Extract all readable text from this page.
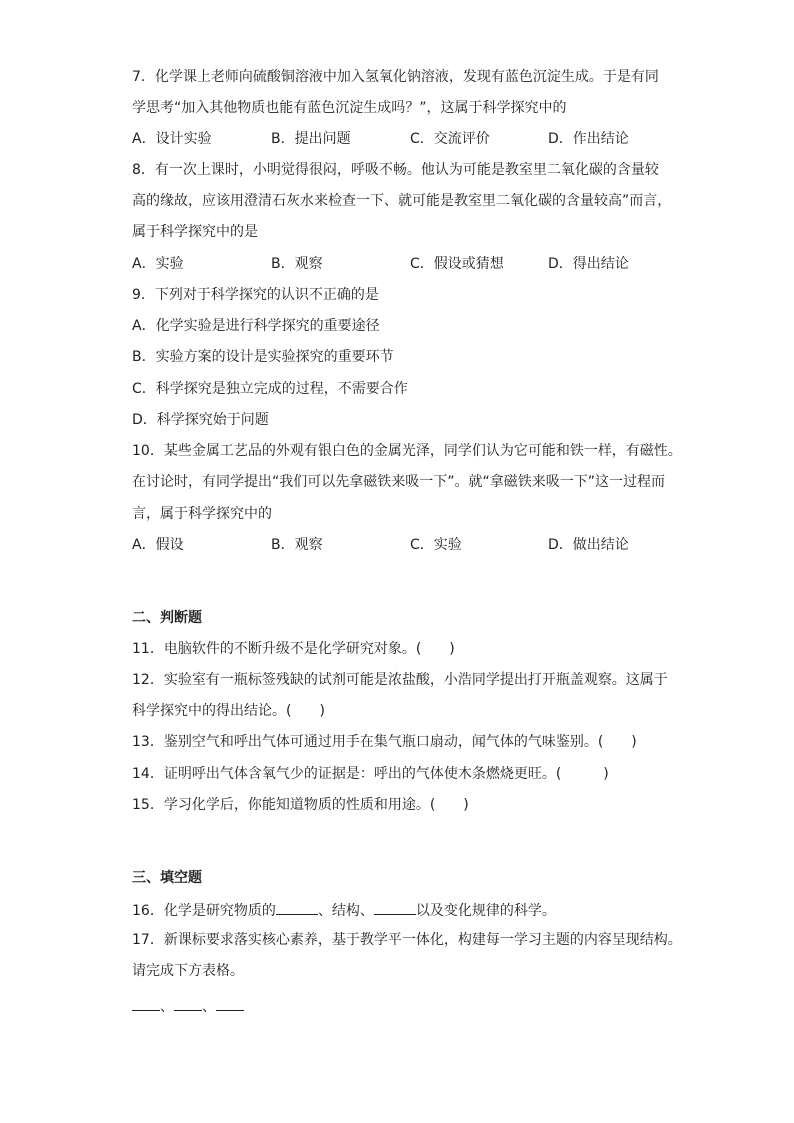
7．化学课上老师向硫酸铜溶液中加入氢氧化钠溶液，发现有蓝色沉淀生成。于是有同
学思考“加入其他物质也能有蓝色沉淀生成吗？”，这属于科学探究中的
A．设计实验	B．提出问题	C．交流评价	D．作出结论
8．有一次上课时，小明觉得很闷，呼吸不畅。他认为可能是教室里二氧化碳的含量较
高的缘故，应该用澄清石灰水来检查一下、就可能是教室里二氧化碳的含量较高”而言，
属于科学探究中的是
A．实验	B．观察	C．假设或猜想	D．得出结论
9．下列对于科学探究的认识不正确的是
A．化学实验是进行科学探究的重要途径
B．实验方案的设计是实验探究的重要环节
C．科学探究是独立完成的过程，不需要合作
D．科学探究始于问题
10．某些金属工艺品的外观有银白色的金属光泽，同学们认为它可能和铁一样，有磁性。
在讨论时，有同学提出“我们可以先拿磁铁来吸一下”。就“拿磁铁来吸一下”这一过程而
言，属于科学探究中的
A．假设	B．观察	C．实验	D．做出结论
二、判断题
11．电脑软件的不断升级不是化学研究对象。(　　)
12．实验室有一瓶标签残缺的试剂可能是浓盐酸，小浩同学提出打开瓶盖观察。这属于
科学探究中的得出结论。(　　)
13．鉴别空气和呼出气体可通过用手在集气瓶口扇动，闻气体的气味鉴别。(　　)
14．证明呼出气体含氧气少的证据是：呼出的气体使木条燃烧更旺。(　　　)
15．学习化学后，你能知道物质的性质和用途。(　　)
三、填空题
16．化学是研究物质的	、结构、	以及变化规律的科学。
17．新课标要求落实核心素养，基于教学平一体化，构建每一学习主题的内容呈现结构。
请完成下方表格。
、 、
